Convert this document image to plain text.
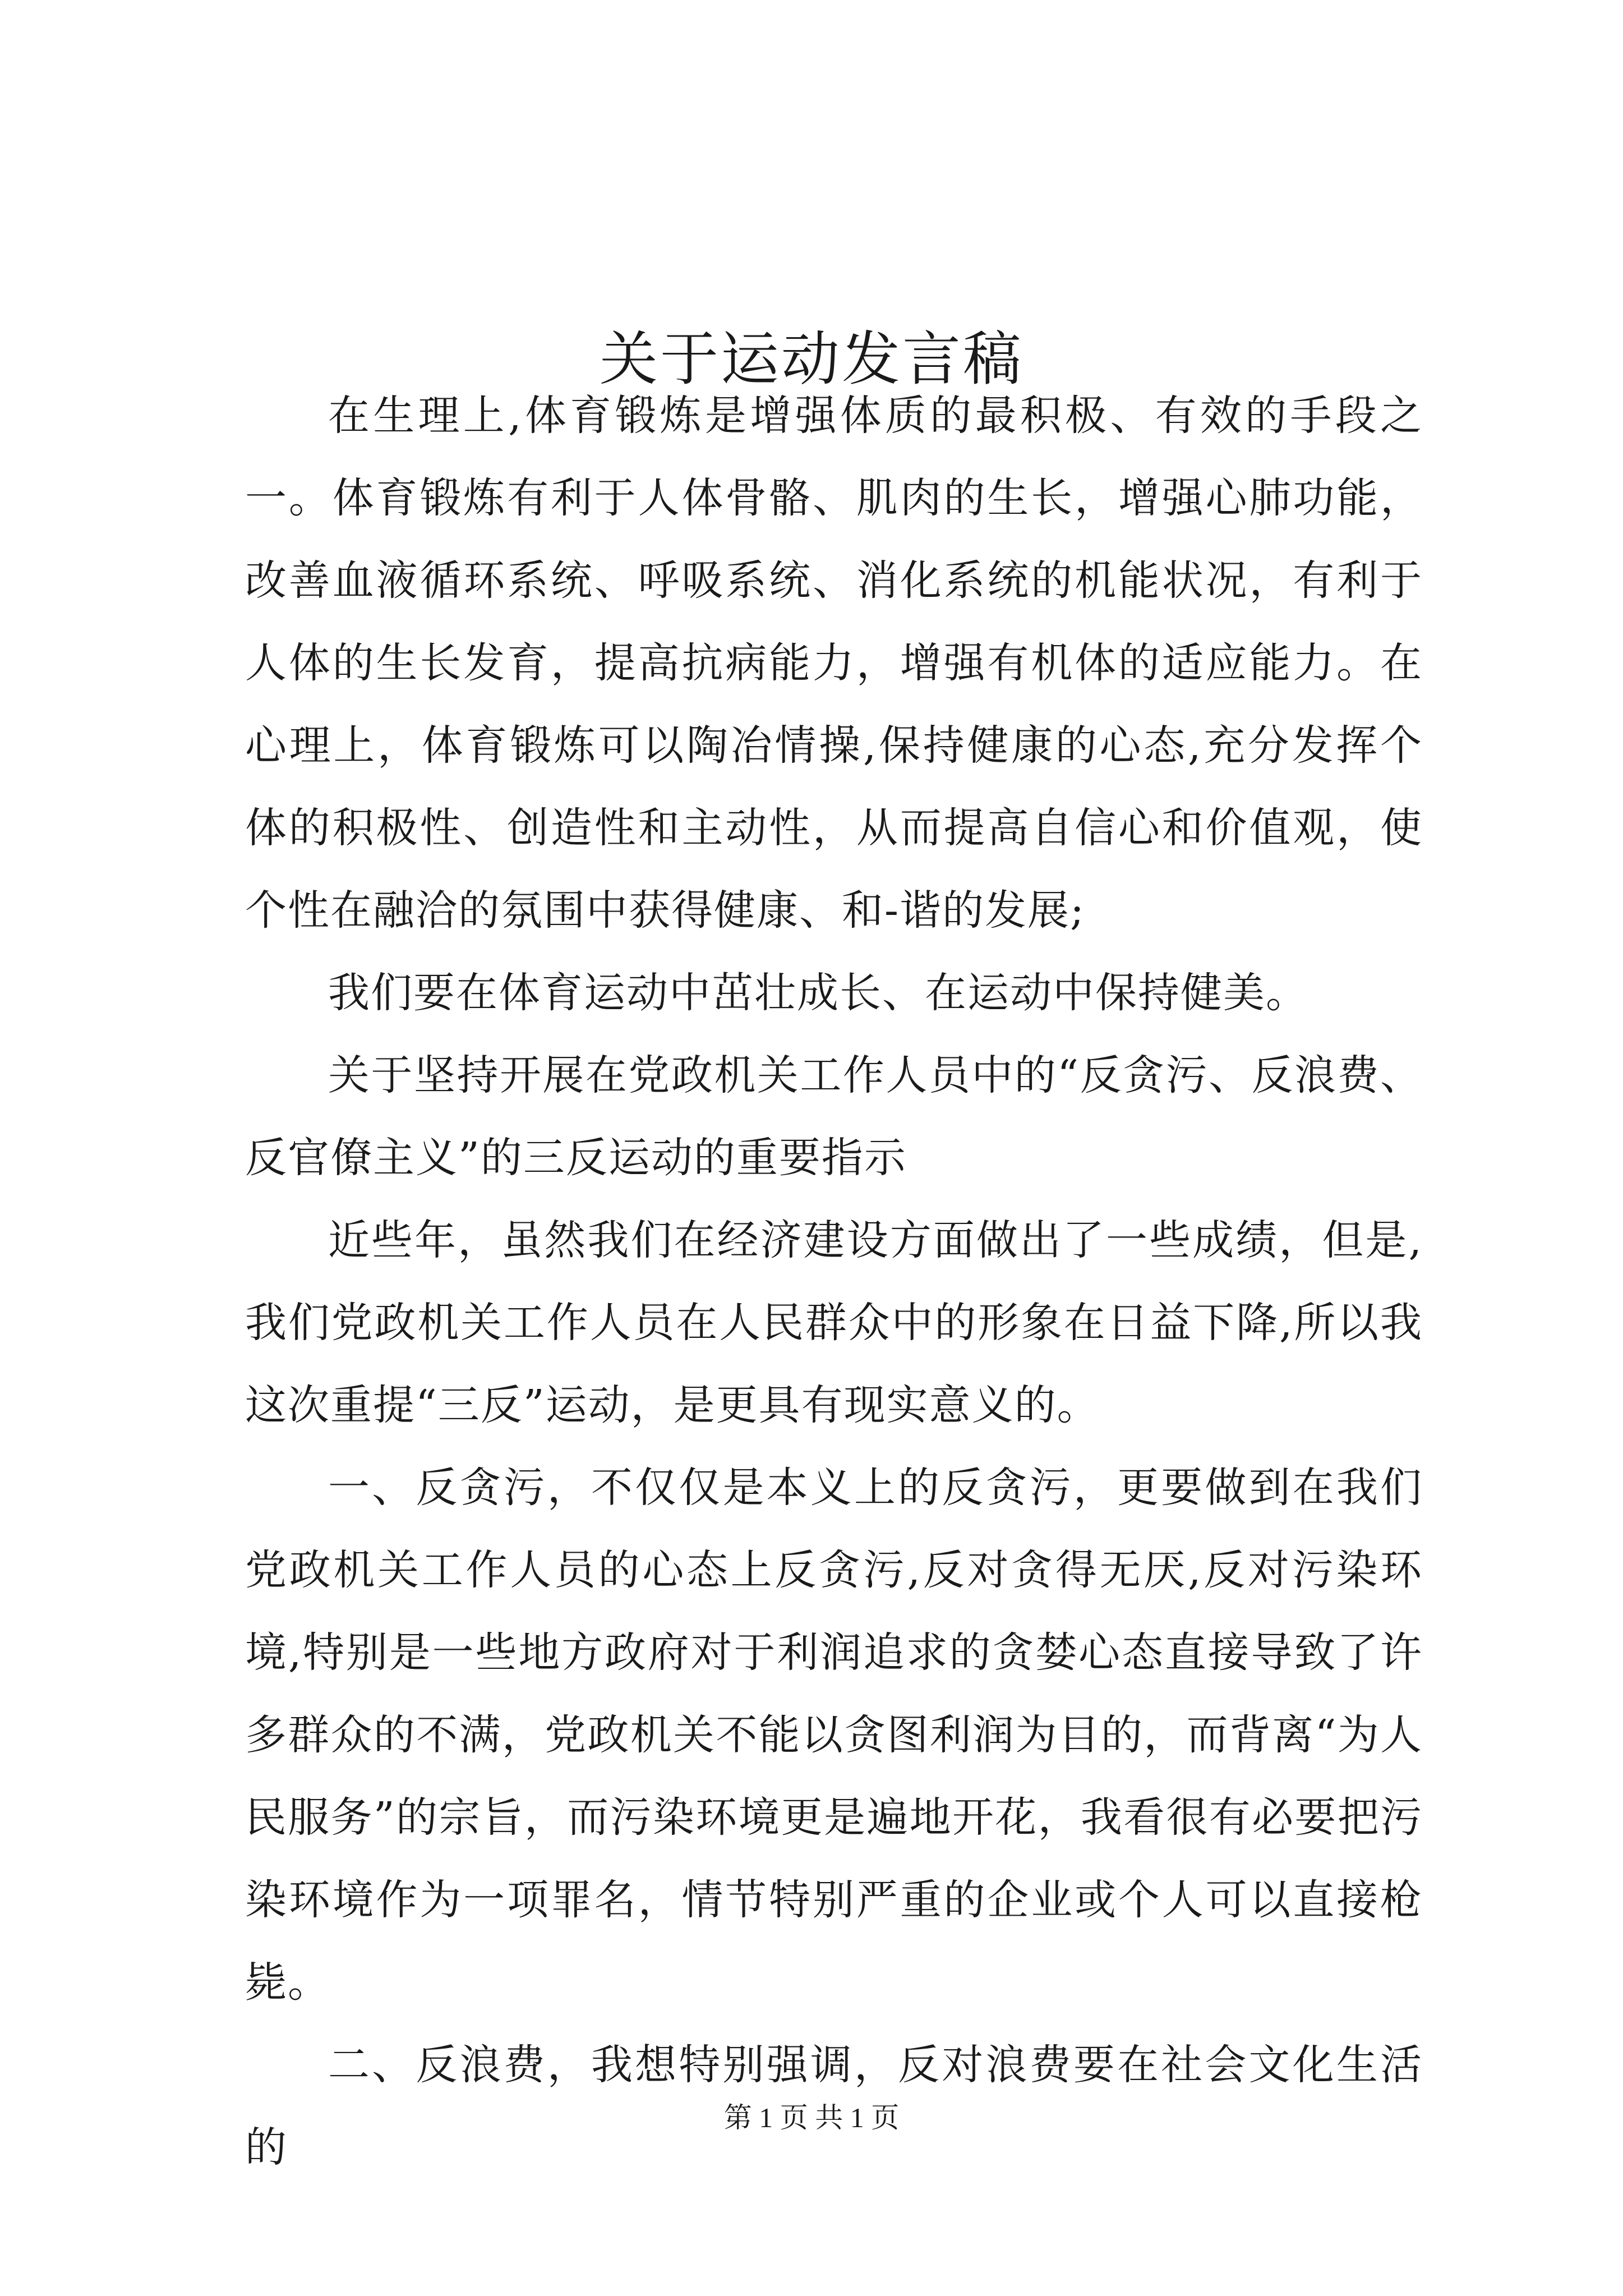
关于运动发言稿

在生理上,体育锻炼是增强体质的最积极、有效的手段之一。体育锻炼有利于人体骨骼、肌肉的生长，增强心肺功能，改善血液循环系统、呼吸系统、消化系统的机能状况，有利于人体的生长发育，提高抗病能力，增强有机体的适应能力。在心理上，体育锻炼可以陶冶情操,保持健康的心态,充分发挥个体的积极性、创造性和主动性，从而提高自信心和价值观，使个性在融洽的氛围中获得健康、和-谐的发展;

我们要在体育运动中茁壮成长、在运动中保持健美。

关于坚持开展在党政机关工作人员中的“反贪污、反浪费、反官僚主义”的三反运动的重要指示

近些年，虽然我们在经济建设方面做出了一些成绩，但是,我们党政机关工作人员在人民群众中的形象在日益下降,所以我这次重提“三反”运动，是更具有现实意义的。

一、反贪污，不仅仅是本义上的反贪污，更要做到在我们党政机关工作人员的心态上反贪污,反对贪得无厌,反对污染环境,特别是一些地方政府对于利润追求的贪婪心态直接导致了许多群众的不满，党政机关不能以贪图利润为目的，而背离“为人民服务”的宗旨，而污染环境更是遍地开花，我看很有必要把污染环境作为一项罪名，情节特别严重的企业或个人可以直接枪毙。

二、反浪费，我想特别强调，反对浪费要在社会文化生活的

第 1 页 共 1 页
